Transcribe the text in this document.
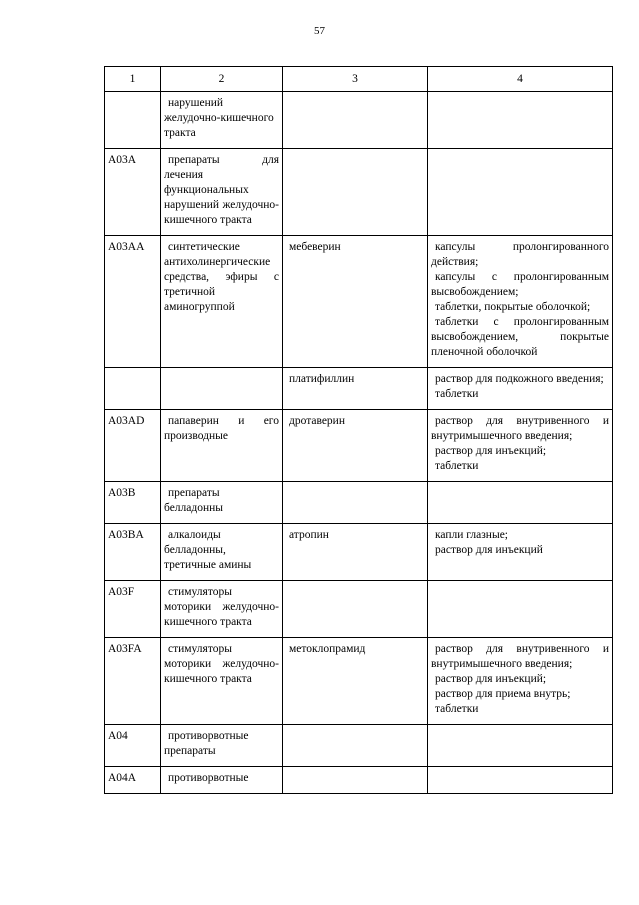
57
1	2	3	4
	нарушений желудочно-кишечного тракта		
A03A	препараты для лечения функциональных нарушений желудочно-кишечного тракта		
A03AA	синтетические антихолинергические средства, эфиры с третичной аминогруппой	мебеверин	капсулы пролонгированного действия;
капсулы с пролонгированным высвобождением;
таблетки, покрытые оболочкой;
таблетки с пролонгированным высвобождением, покрытые пленочной оболочкой

		платифиллин	раствор для подкожного введения;
таблетки

A03AD	папаверин и его производные	дротаверин	раствор для внутривенного и внутримышечного введения;
раствор для инъекций;
таблетки

A03B	препараты белладонны		
A03BA	алкалоиды белладонны, третичные амины	атропин	капли глазные;
раствор для инъекций

A03F	стимуляторы моторики желудочно-кишечного тракта		
A03FA	стимуляторы моторики желудочно-кишечного тракта	метоклопрамид	раствор для внутривенного и внутримышечного введения;
раствор для инъекций;
раствор для приема внутрь;
таблетки

A04	противорвотные препараты		
A04A	противорвотные		
